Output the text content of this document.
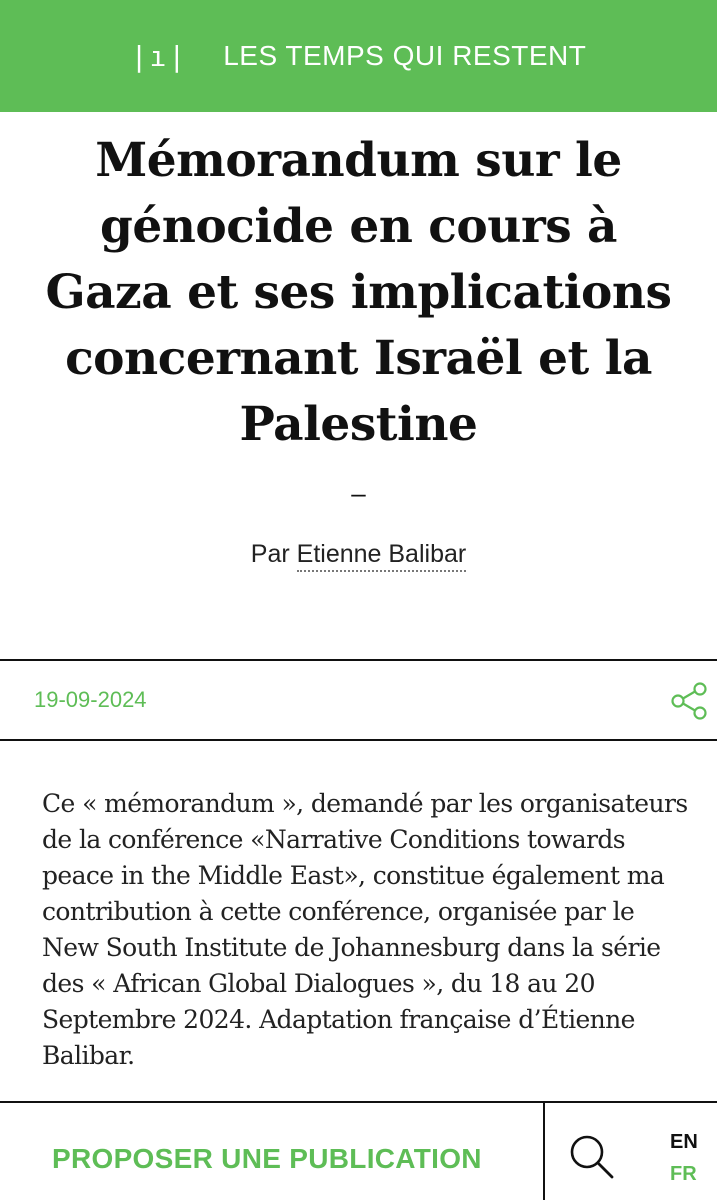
|ı| LES TEMPS QUI RESTENT
Mémorandum sur le génocide en cours à Gaza et ses implications concernant Israël et la Palestine
–
Par Etienne Balibar
19-09-2024

Ce « mémorandum », demandé par les organisateurs de la conférence «Narrative Conditions towards peace in the Middle East», constitue également ma contribution à cette conférence, organisée par le New South Institute de Johannesburg dans la série des « African Global Dialogues », du 18 au 20 Septembre 2024. Adaptation française d’Étienne Balibar.

PROPOSER UNE PUBLICATION
EN
FR
